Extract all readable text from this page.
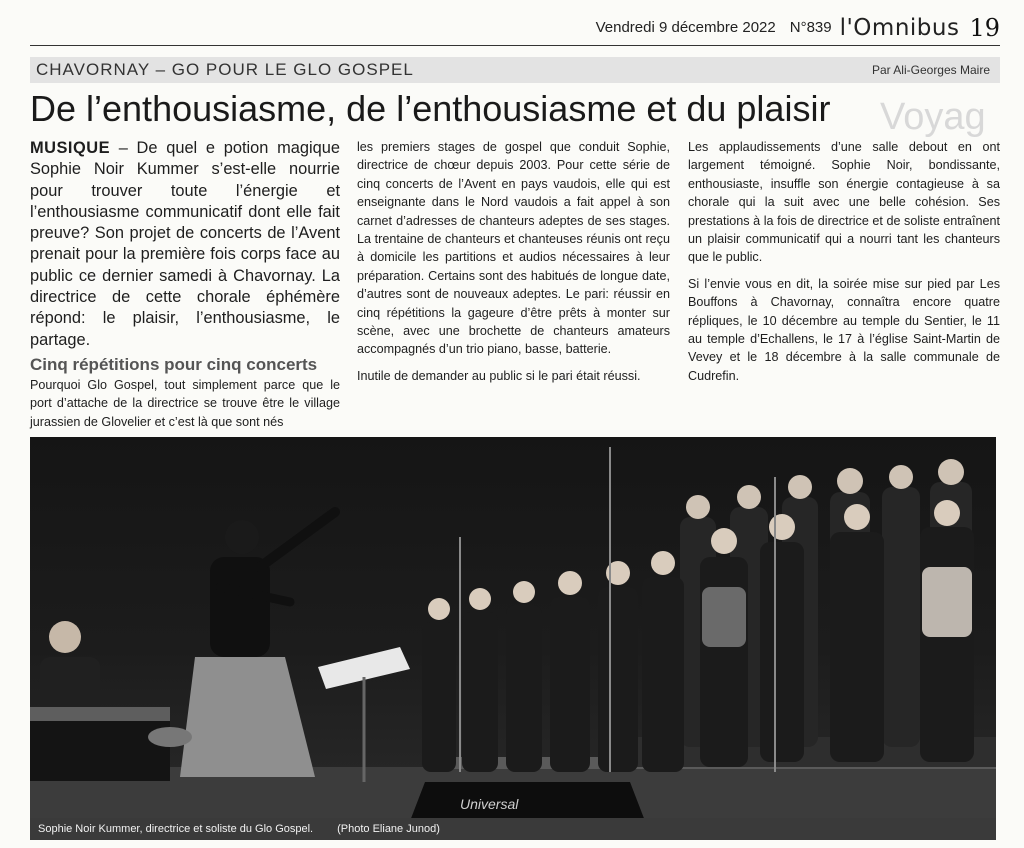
Vendredi 9 décembre 2022 N°839 l'Omnibus 19
CHAVORNAY – GO POUR LE GLO GOSPEL	Par Ali-Georges Maire
De l’enthousiasme, de l’enthousiasme et du plaisir	Voyag

MUSIQUE – De quel e potion magique Sophie Noir Kummer s’est-elle nourrie pour trouver toute l’énergie et l’enthousiasme communicatif dont elle fait preuve? Son projet de concerts de l’Avent prenait pour la première fois corps face au public ce dernier samedi à Chavornay. La directrice de cette chorale éphémère répond: le plaisir, l’enthousiasme, le partage.

Cinq répétitions pour cinq concerts

Pourquoi Glo Gospel, tout simplement parce que le port d’attache de la directrice se trouve être le village jurassien de Glovelier et c’est là que sont nés

les premiers stages de gospel que conduit Sophie, directrice de chœur depuis 2003. Pour cette série de cinq concerts de l’Avent en pays vaudois, elle qui est enseignante dans le Nord vaudois a fait appel à son carnet d’adresses de chanteurs adeptes de ses stages. La trentaine de chanteurs et chanteuses réunis ont reçu à domicile les partitions et audios nécessaires à leur préparation. Certains sont des habitués de longue date, d’autres sont de nouveaux adeptes. Le pari: réussir en cinq répétitions la gageure d’être prêts à monter sur scène, avec une brochette de chanteurs amateurs accompagnés d’un trio piano, basse, batterie.

Inutile de demander au public si le pari était réussi.

Les applaudissements d’une salle debout en ont largement témoigné. Sophie Noir, bondissante, enthousiaste, insuffle son énergie contagieuse à sa chorale qui la suit avec une belle cohésion. Ses prestations à la fois de directrice et de soliste entraînent un plaisir communicatif qui a nourri tant les chanteurs que le public.

Si l’envie vous en dit, la soirée mise sur pied par Les Bouffons à Chavornay, connaîtra encore quatre répliques, le 10 décembre au temple du Sentier, le 11 au temple d’Echallens, le 17 à l’église Saint-Martin de Vevey et le 18 décembre à la salle communale de Cudrefin.

Universal
Sophie Noir Kummer, directrice et soliste du Glo Gospel. (Photo Eliane Junod)
